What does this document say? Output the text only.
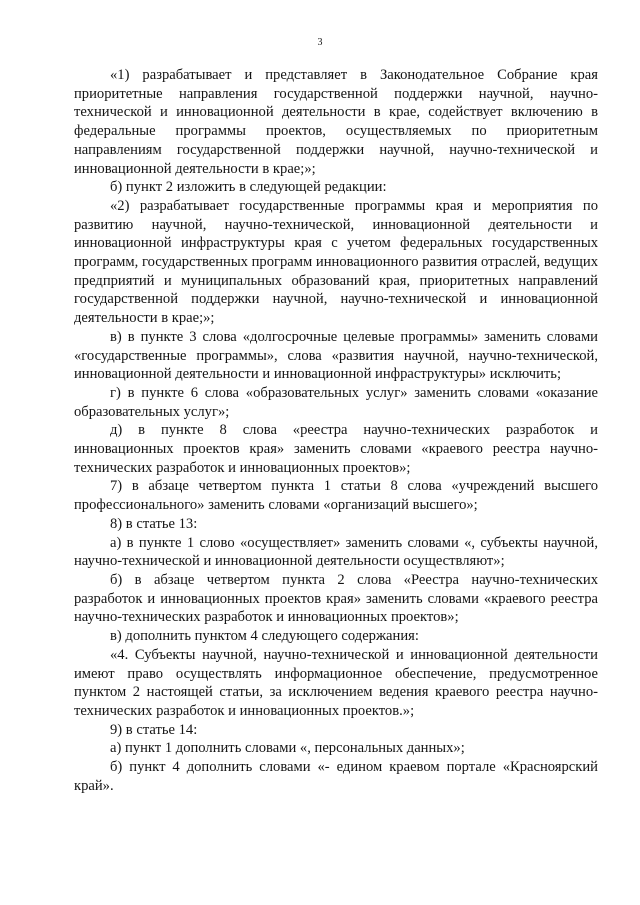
3

«1) разрабатывает и представляет в Законодательное Собрание края приоритетные направления государственной поддержки научной, научно-технической и инновационной деятельности в крае, содействует включению в федеральные программы проектов, осуществляемых по приоритетным направлениям государственной поддержки научной, научно-технической и инновационной деятельности в крае;»;

б) пункт 2 изложить в следующей редакции:

«2) разрабатывает государственные программы края и мероприятия по развитию научной, научно-технической, инновационной деятельности и инновационной инфраструктуры края с учетом федеральных государственных программ, государственных программ инновационного развития отраслей, ведущих предприятий и муниципальных образований края, приоритетных направлений государственной поддержки научной, научно-технической и инновационной деятельности в крае;»;

в) в пункте 3 слова «долгосрочные целевые программы» заменить словами «государственные программы», слова «развития научной, научно-технической, инновационной деятельности и инновационной инфраструктуры» исключить;

г) в пункте 6 слова «образовательных услуг» заменить словами «оказание образовательных услуг»;

д) в пункте 8 слова «реестра научно-технических разработок и инновационных проектов края» заменить словами «краевого реестра научно-технических разработок и инновационных проектов»;

7) в абзаце четвертом пункта 1 статьи 8 слова «учреждений высшего профессионального» заменить словами «организаций высшего»;

8) в статье 13:

а) в пункте 1 слово «осуществляет» заменить словами «, субъекты научной, научно-технической и инновационной деятельности осуществляют»;

б) в абзаце четвертом пункта 2 слова «Реестра научно-технических разработок и инновационных проектов края» заменить словами «краевого реестра научно-технических разработок и инновационных проектов»;

в) дополнить пунктом 4 следующего содержания:

«4. Субъекты научной, научно-технической и инновационной деятельности имеют право осуществлять информационное обеспечение, предусмотренное пунктом 2 настоящей статьи, за исключением ведения краевого реестра научно-технических разработок и инновационных проектов.»;

9) в статье 14:

а) пункт 1 дополнить словами «, персональных данных»;

б) пункт 4 дополнить словами «- едином краевом портале «Красноярский край».
